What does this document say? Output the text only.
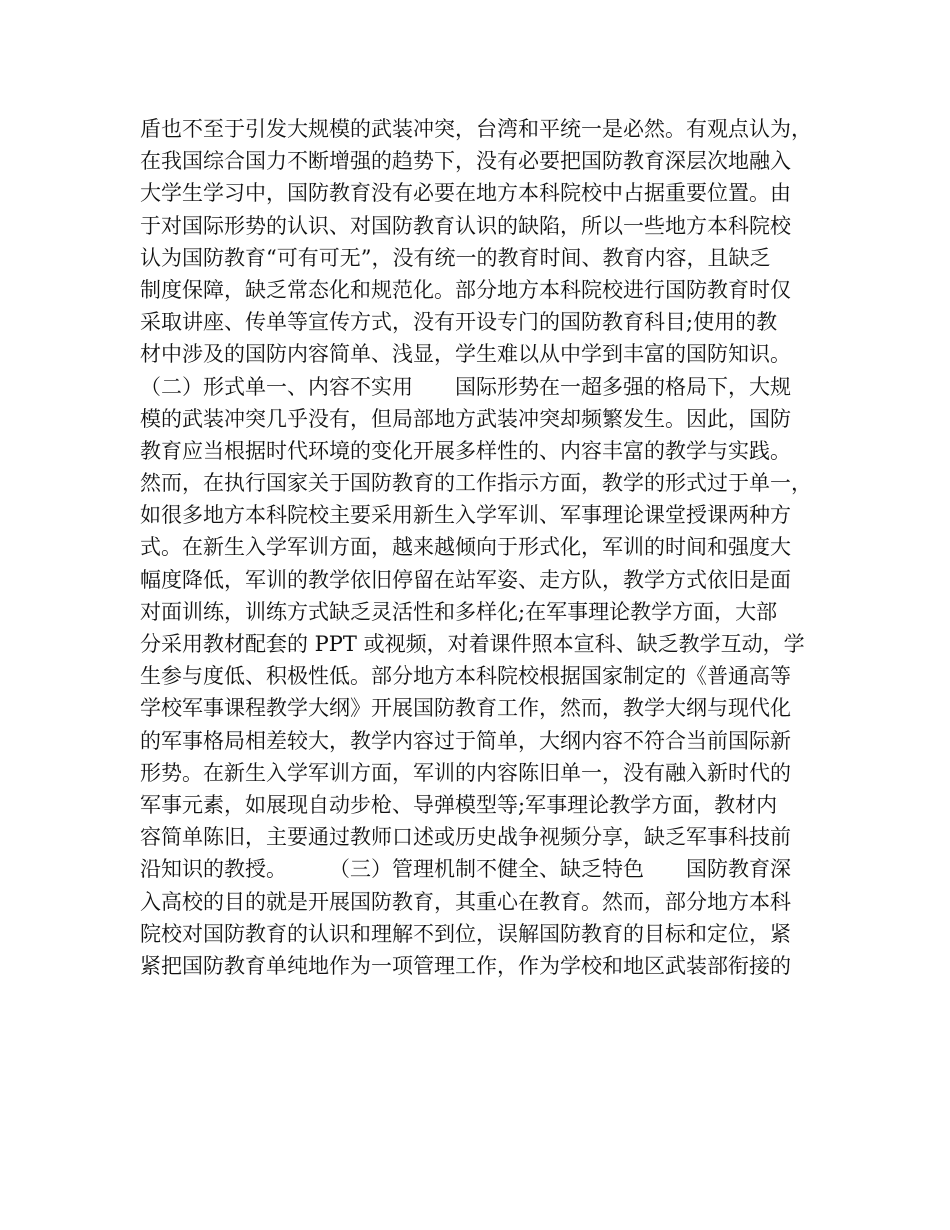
盾也不至于引发大规模的武装冲突，台湾和平统一是必然。有观点认为，
在我国综合国力不断增强的趋势下，没有必要把国防教育深层次地融入
大学生学习中，国防教育没有必要在地方本科院校中占据重要位置。由
于对国际形势的认识、对国防教育认识的缺陷，所以一些地方本科院校
认为国防教育“可有可无”，没有统一的教育时间、教育内容，且缺乏
制度保障，缺乏常态化和规范化。部分地方本科院校进行国防教育时仅
采取讲座、传单等宣传方式，没有开设专门的国防教育科目;使用的教
材中涉及的国防内容简单、浅显，学生难以从中学到丰富的国防知识。
（二）形式单一、内容不实用　　国际形势在一超多强的格局下，大规
模的武装冲突几乎没有，但局部地方武装冲突却频繁发生。因此，国防
教育应当根据时代环境的变化开展多样性的、内容丰富的教学与实践。
然而，在执行国家关于国防教育的工作指示方面，教学的形式过于单一，
如很多地方本科院校主要采用新生入学军训、军事理论课堂授课两种方
式。在新生入学军训方面，越来越倾向于形式化，军训的时间和强度大
幅度降低，军训的教学依旧停留在站军姿、走方队，教学方式依旧是面
对面训练，训练方式缺乏灵活性和多样化;在军事理论教学方面，大部
分采用教材配套的 PPT 或视频，对着课件照本宣科、缺乏教学互动，学
生参与度低、积极性低。部分地方本科院校根据国家制定的《普通高等
学校军事课程教学大纲》开展国防教育工作，然而，教学大纲与现代化
的军事格局相差较大，教学内容过于简单，大纲内容不符合当前国际新
形势。在新生入学军训方面，军训的内容陈旧单一，没有融入新时代的
军事元素，如展现自动步枪、导弹模型等;军事理论教学方面，教材内
容简单陈旧，主要通过教师口述或历史战争视频分享，缺乏军事科技前
沿知识的教授。　　　（三）管理机制不健全、缺乏特色　　国防教育深
入高校的目的就是开展国防教育，其重心在教育。然而，部分地方本科
院校对国防教育的认识和理解不到位，误解国防教育的目标和定位，紧
紧把国防教育单纯地作为一项管理工作，作为学校和地区武装部衔接的
